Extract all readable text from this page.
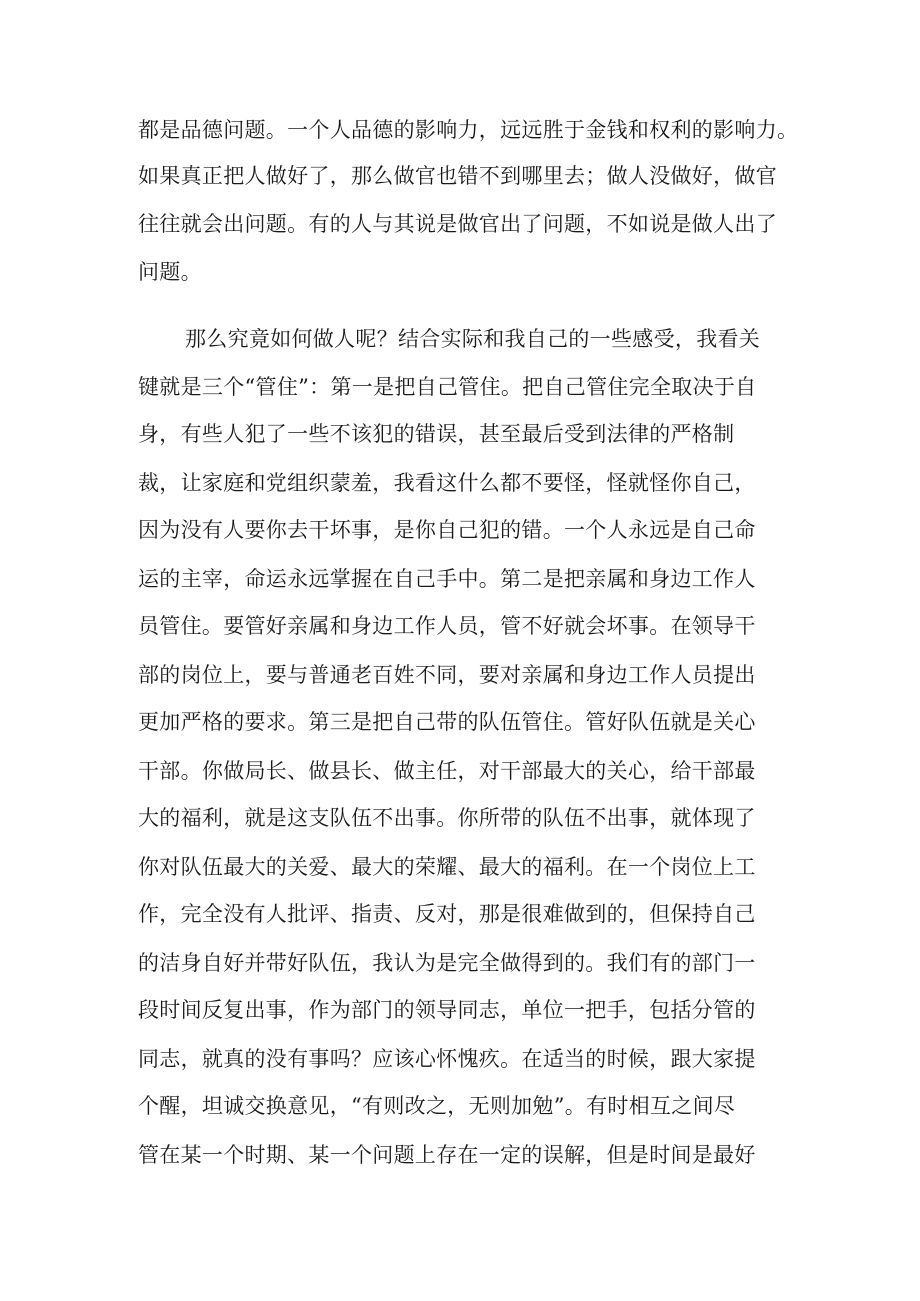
都是品德问题。一个人品德的影响力，远远胜于金钱和权利的影响力。
如果真正把人做好了，那么做官也错不到哪里去；做人没做好，做官
往往就会出问题。有的人与其说是做官出了问题，不如说是做人出了
问题。
那么究竟如何做人呢？结合实际和我自己的一些感受，我看关
键就是三个“管住”：第一是把自己管住。把自己管住完全取决于自
身，有些人犯了一些不该犯的错误，甚至最后受到法律的严格制
裁，让家庭和党组织蒙羞，我看这什么都不要怪，怪就怪你自己，
因为没有人要你去干坏事，是你自己犯的错。一个人永远是自己命
运的主宰，命运永远掌握在自己手中。第二是把亲属和身边工作人
员管住。要管好亲属和身边工作人员，管不好就会坏事。在领导干
部的岗位上，要与普通老百姓不同，要对亲属和身边工作人员提出
更加严格的要求。第三是把自己带的队伍管住。管好队伍就是关心
干部。你做局长、做县长、做主任，对干部最大的关心，给干部最
大的福利，就是这支队伍不出事。你所带的队伍不出事，就体现了
你对队伍最大的关爱、最大的荣耀、最大的福利。在一个岗位上工
作，完全没有人批评、指责、反对，那是很难做到的，但保持自己
的洁身自好并带好队伍，我认为是完全做得到的。我们有的部门一
段时间反复出事，作为部门的领导同志，单位一把手，包括分管的
同志，就真的没有事吗？应该心怀愧疚。在适当的时候，跟大家提
个醒，坦诚交换意见，“有则改之，无则加勉”。有时相互之间尽
管在某一个时期、某一个问题上存在一定的误解，但是时间是最好
